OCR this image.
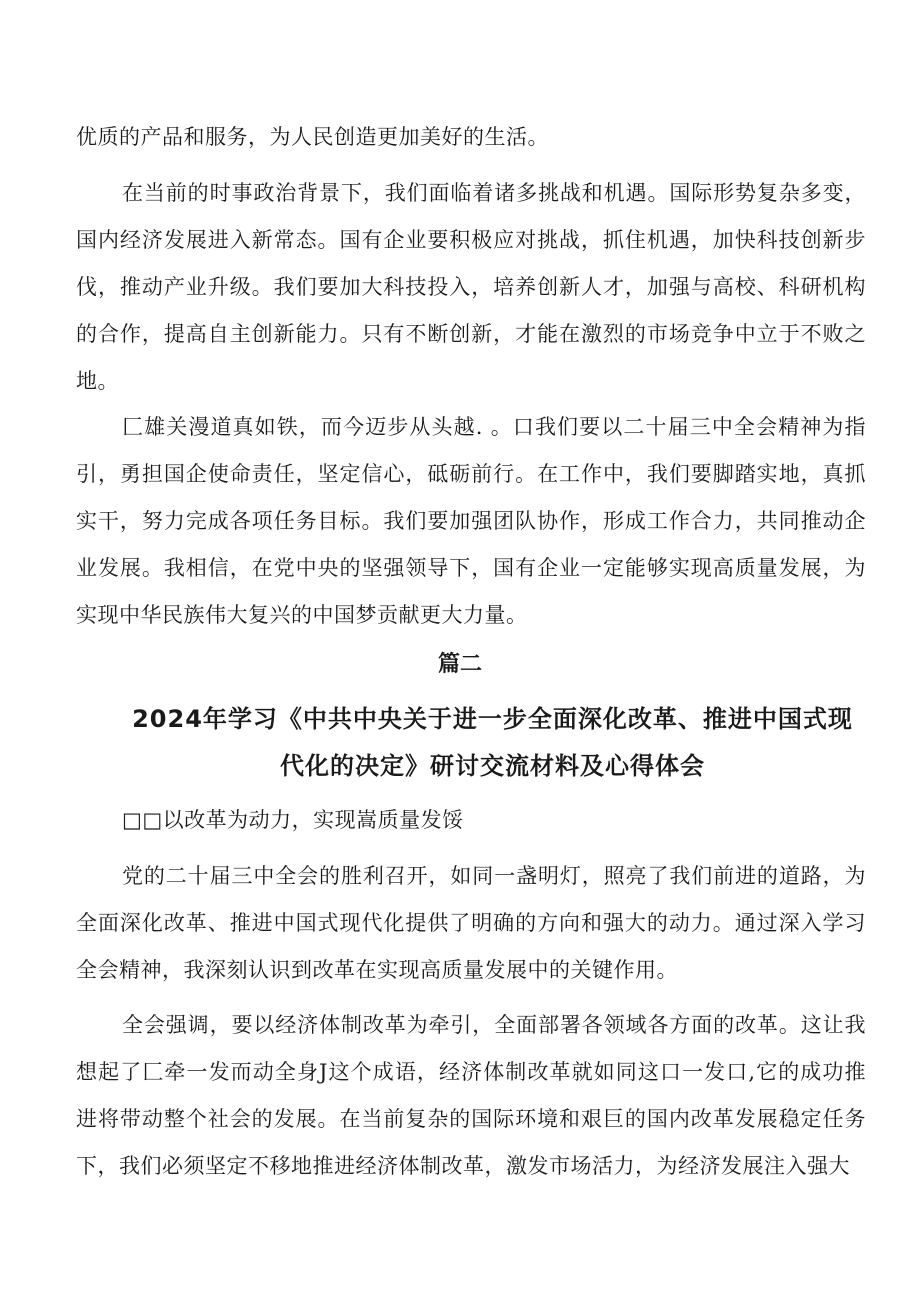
优质的产品和服务，为人民创造更加美好的生活。

在当前的时事政治背景下，我们面临着诸多挑战和机遇。国际形势复杂多变，国内经济发展进入新常态。国有企业要积极应对挑战，抓住机遇，加快科技创新步伐，推动产业升级。我们要加大科技投入，培养创新人才，加强与高校、科研机构的合作，提高自主创新能力。只有不断创新，才能在激烈的市场竞争中立于不败之地。

匚雄关漫道真如铁，而今迈步从头越. 。口我们要以二十届三中全会精神为指引，勇担国企使命责任，坚定信心，砥砺前行。在工作中，我们要脚踏实地，真抓实干，努力完成各项任务目标。我们要加强团队协作，形成工作合力，共同推动企业发展。我相信，在党中央的坚强领导下，国有企业一定能够实现高质量发展，为实现中华民族伟大复兴的中国梦贡献更大力量。

篇二
2024年学习《中共中央关于进一步全面深化改革、推进中国式现代化的决定》研讨交流材料及心得体会

□□以改革为动力，实现嵩质量发馁

党的二十届三中全会的胜利召开，如同一盏明灯，照亮了我们前进的道路，为全面深化改革、推进中国式现代化提供了明确的方向和强大的动力。通过深入学习全会精神，我深刻认识到改革在实现高质量发展中的关键作用。

全会强调，要以经济体制改革为牵引，全面部署各领域各方面的改革。这让我想起了匚牵一发而动全身J这个成语，经济体制改革就如同这口一发口,它的成功推进将带动整个社会的发展。在当前复杂的国际环境和艰巨的国内改革发展稳定任务下，我们必须坚定不移地推进经济体制改革，激发市场活力，为经济发展注入强大
